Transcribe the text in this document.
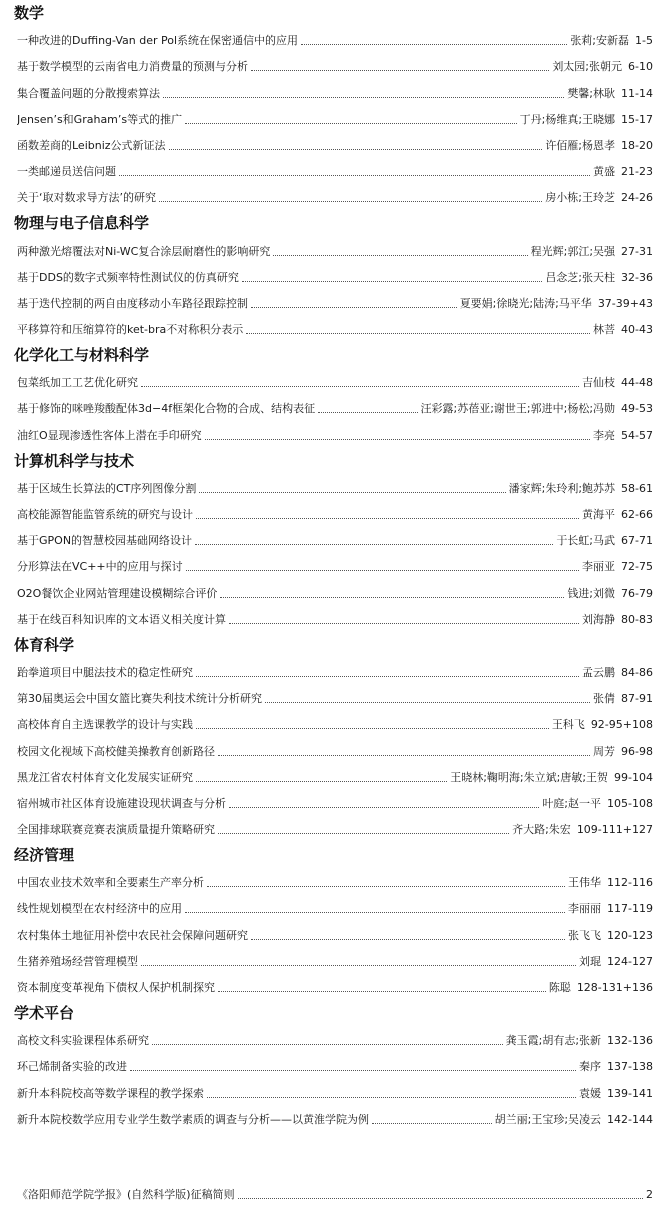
数学
一种改进的Duffing-Van der Pol系统在保密通信中的应用	张莉;安新磊 1-5
基于数学模型的云南省电力消费量的预测与分析	刘太园;张朝元 6-10
集合覆盖问题的分散搜索算法	樊馨;林耿 11-14
Jensen’s和Graham’s等式的推广	丁丹;杨维真;王晓娜 15-17
函数差商的Leibniz公式新证法	许佰雁;杨恩孝 18-20
一类邮递员送信问题	黄盛 21-23
关于‘取对数求导方法’的研究	房小栋;王玲芝 24-26
物理与电子信息科学
两种激光熔覆法对Ni-WC复合涂层耐磨性的影响研究	程光辉;郭江;吴强 27-31
基于DDS的数字式频率特性测试仪的仿真研究	吕念芝;张天柱 32-36
基于迭代控制的两自由度移动小车路径跟踪控制	夏要娟;徐晓光;陆涛;马平华 37-39+43
平移算符和压缩算符的ket-bra不对称积分表示	林菩 40-43
化学化工与材料科学
包菜纸加工工艺优化研究	吉仙枝 44-48
基于修饰的咪唑羧酸配体3d−4f框架化合物的合成、结构表征	汪彩露;苏蓓亚;谢世王;郭进中;杨松;冯勋 49-53
油红O显现渗透性客体上潜在手印研究	李亮 54-57
计算机科学与技术
基于区域生长算法的CT序列图像分割	潘家辉;朱玲利;鲍苏苏 58-61
高校能源智能监管系统的研究与设计	黄海平 62-66
基于GPON的智慧校园基础网络设计	于长虹;马武 67-71
分形算法在VC++中的应用与探讨	李丽亚 72-75
O2O餐饮企业网站管理建设模糊综合评价	钱进;刘微 76-79
基于在线百科知识库的文本语义相关度计算	刘海静 80-83
体育科学
跆拳道项目中腿法技术的稳定性研究	孟云鹏 84-86
第30届奥运会中国女篮比赛失利技术统计分析研究	张倩 87-91
高校体育自主选课教学的设计与实践	王科飞 92-95+108
校园文化视域下高校健美操教育创新路径	周芳 96-98
黑龙江省农村体育文化发展实证研究	王晓林;鞠明海;朱立斌;唐敏;王贺 99-104
宿州城市社区体育设施建设现状调查与分析	叶庭;赵一平 105-108
全国排球联赛竞赛表演质量提升策略研究	齐大路;朱宏 109-111+127
经济管理
中国农业技术效率和全要素生产率分析	王伟华 112-116
线性规划模型在农村经济中的应用	李丽丽 117-119
农村集体土地征用补偿中农民社会保障问题研究	张飞飞 120-123
生猪养殖场经营管理模型	刘琨 124-127
资本制度变革视角下债权人保护机制探究	陈聪 128-131+136
学术平台
高校文科实验课程体系研究	龚玉霞;胡有志;张新 132-136
环己烯制备实验的改进	秦序 137-138
新升本科院校高等数学课程的教学探索	袁媛 139-141
新升本院校数学应用专业学生数学素质的调查与分析——以黄淮学院为例	胡兰丽;王宝珍;吴凌云 142-144
《洛阳师范学院学报》(自然科学版)征稿简则	2
